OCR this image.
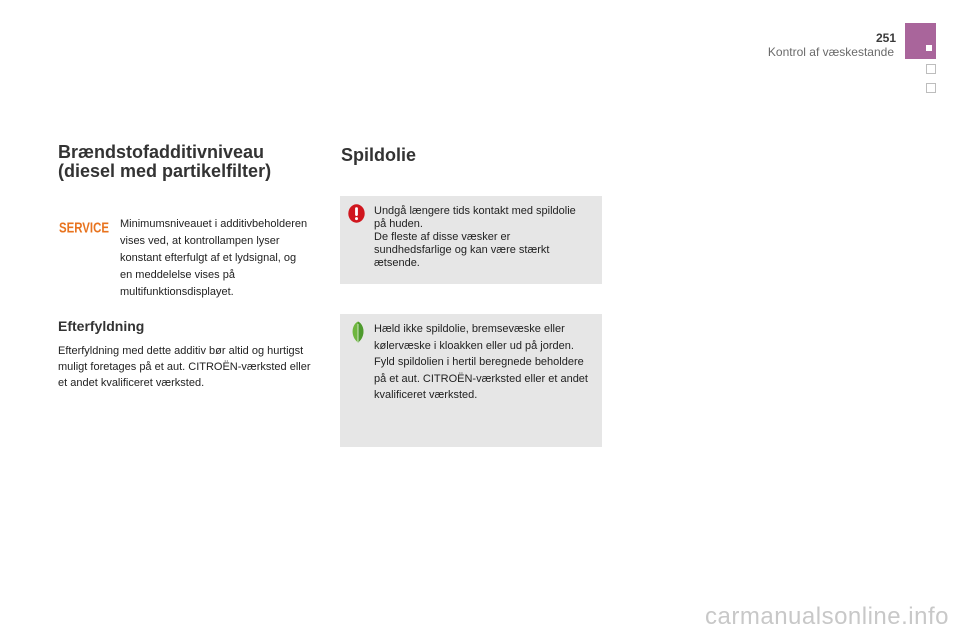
251
Kontrol af væskestande
Brændstofadditivniveau
(diesel med partikelfilter)
SERVICE Minimumsniveauet i additivbeholderen vises ved, at kontrollampen lyser konstant efterfulgt af et lydsignal, og en meddelelse vises på multifunktionsdisplayet.
Efterfyldning
Efterfyldning med dette additiv bør altid og hurtigst muligt foretages på et aut. CITROËN-værksted eller et andet kvalificeret værksted.
Spildolie

Undgå længere tids kontakt med spildolie på huden.

De fleste af disse væsker er sundhedsfarlige og kan være stærkt ætsende.

Hæld ikke spildolie, bremsevæske eller kølervæske i kloakken eller ud på jorden.

Fyld spildolien i hertil beregnede beholdere på et aut. CITROËN-værksted eller et andet kvalificeret værksted.

carmanualsonline.info
